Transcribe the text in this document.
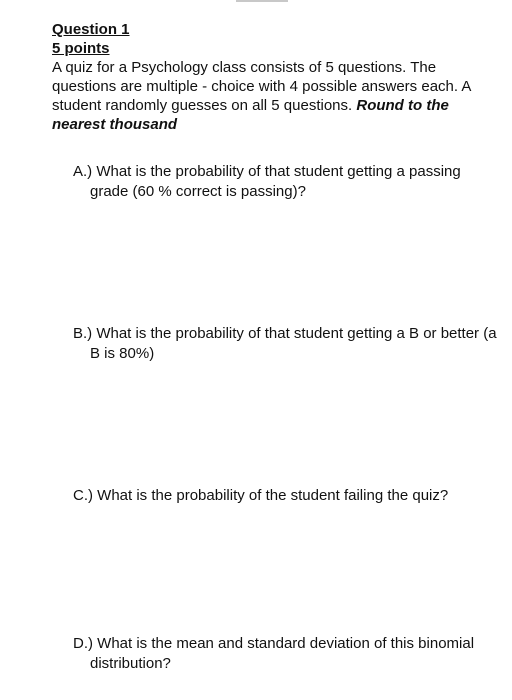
Question 1

5 points

A quiz for a Psychology class consists of 5 questions. The questions are multiple - choice with 4 possible answers each. A student randomly guesses on all 5 questions. Round to the nearest thousand

A.) What is the probability of that student getting a passing grade (60 % correct is passing)?

B.) What is the probability of that student getting a B or better (a B is 80%)

C.) What is the probability of the student failing the quiz?

D.) What is the mean and standard deviation of this binomial distribution?
